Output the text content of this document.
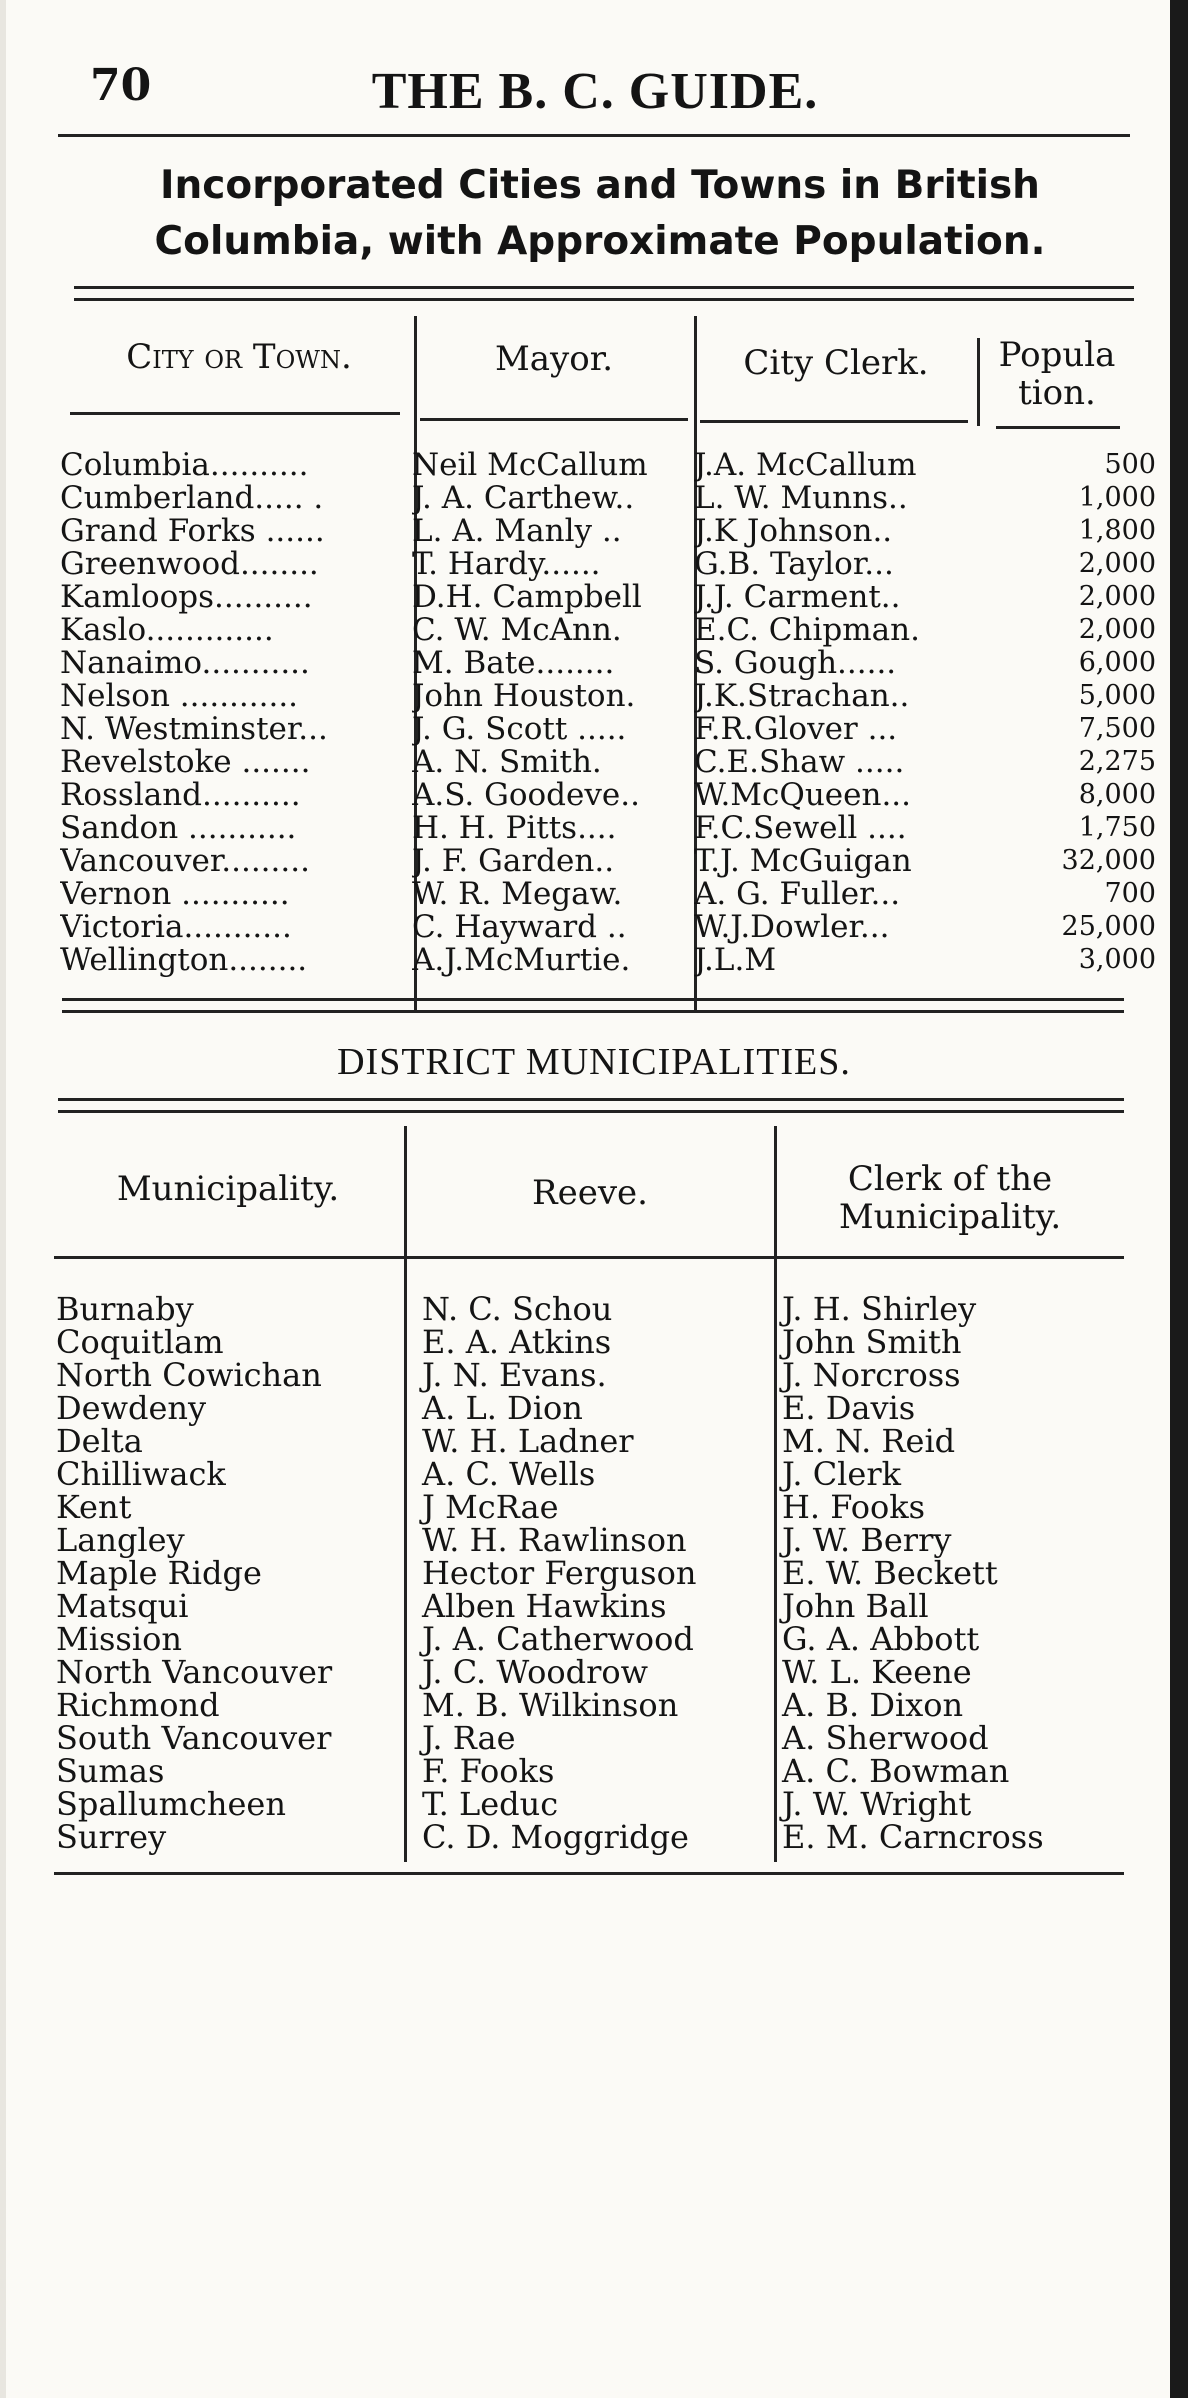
70	THE B. C. GUIDE.
Incorporated Cities and Towns in British
Columbia, with Approximate Population.
City or Town.	Mayor.	City Clerk.	Popula
tion.
Columbia..........	Neil McCallum	J.A. McCallum	500
Cumberland..... .	J. A. Carthew..	L. W. Munns..	1,000
Grand Forks ......	L. A. Manly ..	J.K Johnson..	1,800
Greenwood........	T. Hardy......	G.B. Taylor...	2,000
Kamloops..........	D.H. Campbell	J.J. Carment..	2,000
Kaslo.............	C. W. McAnn.	E.C. Chipman.	2,000
Nanaimo...........	M. Bate........	S. Gough......	6,000
Nelson ............	John Houston.	J.K.Strachan..	5,000
N. Westminster...	J. G. Scott .....	F.R.Glover ...	7,500
Revelstoke .......	A. N. Smith.	C.E.Shaw .....	2,275
Rossland..........	A.S. Goodeve..	W.McQueen...	8,000
Sandon ...........	H. H. Pitts....	F.C.Sewell ....	1,750
Vancouver.........	J. F. Garden..	T.J. McGuigan	32,000
Vernon ...........	W. R. Megaw.	A. G. Fuller...	700
Victoria...........	C. Hayward ..	W.J.Dowler...	25,000
Wellington........	A.J.McMurtie.	J.L.M	3,000
DISTRICT MUNICIPALITIES.
Municipality.	Reeve.	Clerk of the
Municipality.
Burnaby	N. C. Schou	J. H. Shirley
Coquitlam	E. A. Atkins	John Smith
North Cowichan	J. N. Evans.	J. Norcross
Dewdeny	A. L. Dion	E. Davis
Delta	W. H. Ladner	M. N. Reid
Chilliwack	A. C. Wells	J. Clerk
Kent	J McRae	H. Fooks
Langley	W. H. Rawlinson	J. W. Berry
Maple Ridge	Hector Ferguson	E. W. Beckett
Matsqui	Alben Hawkins	John Ball
Mission	J. A. Catherwood	G. A. Abbott
North Vancouver	J. C. Woodrow	W. L. Keene
Richmond	M. B. Wilkinson	A. B. Dixon
South Vancouver	J. Rae	A. Sherwood
Sumas	F. Fooks	A. C. Bowman
Spallumcheen	T. Leduc	J. W. Wright
Surrey	C. D. Moggridge	E. M. Carncross
